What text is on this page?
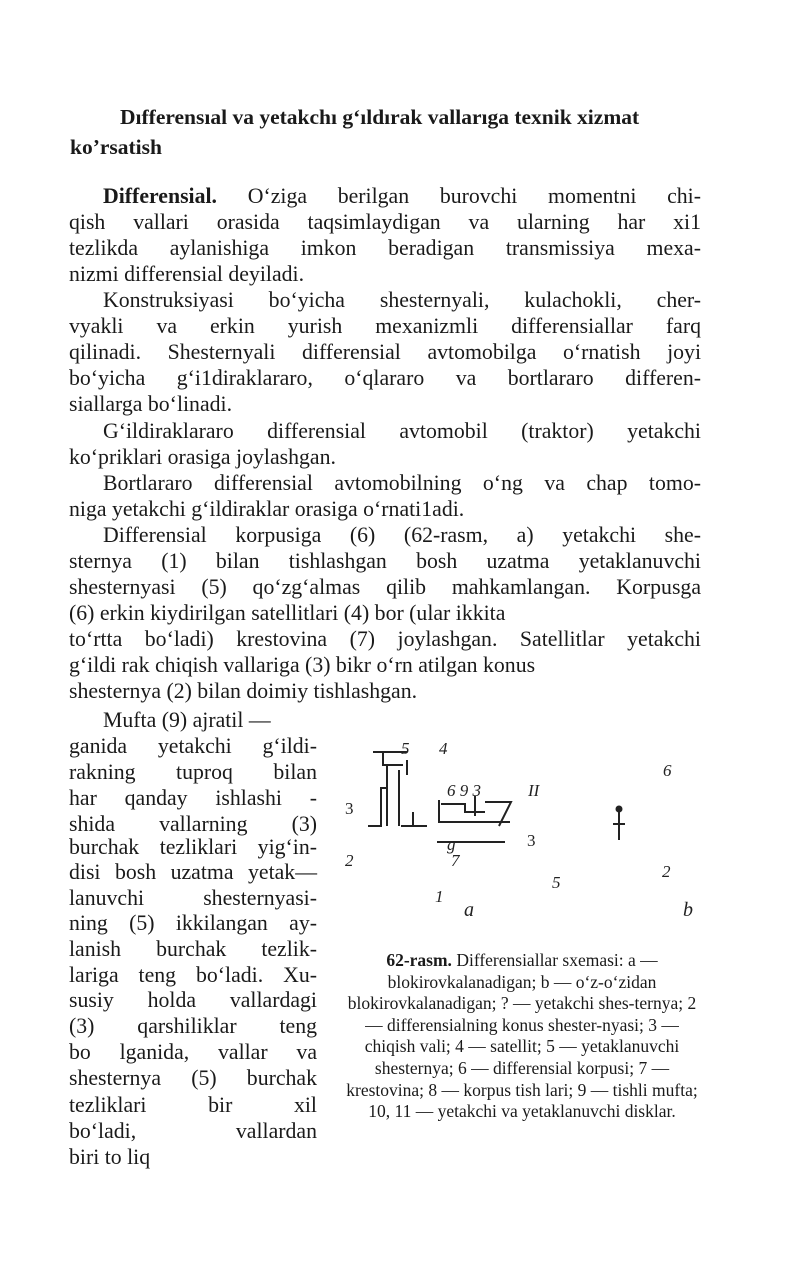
Dıfferensıal va yetakchı g‘ıldırak vallarıga texnik xizmat
ko’rsatish
Differensial. O‘ziga berilgan burovchi momentni chi-
qish vallari orasida taqsimlaydigan va ularning har xi1
tezlikda aylanishiga imkon beradigan transmissiya mexa-
nizmi differensial deyiladi.
Konstruksiyasi bo‘yicha shesternyali, kulachokli, cher-
vyakli va erkin yurish mexanizmli differensiallar farq
qilinadi. Shesternyali differensial avtomobilga o‘rnatish joyi
bo‘yicha g‘i1diraklararo, o‘qlararo va bortlararo differen-
siallarga bo‘linadi.
G‘ildiraklararo differensial avtomobil (traktor) yetakchi
ko‘priklari orasiga joylashgan.
Bortlararo differensial avtomobilning o‘ng va chap tomo-
niga yetakchi g‘ildiraklar orasiga o‘rnati1adi.
Differensial korpusiga (6) (62-rasm, a) yetakchi she-
sternya (1) bilan tishlashgan bosh uzatma yetaklanuvchi
shesternyasi (5) qo‘zg‘almas qilib mahkamlangan. Korpusga
(6) erkin kiydirilgan satellitlari (4) bor (ular ikkita
to‘rtta bo‘ladi) krestovina (7) joylashgan. Satellitlar yetakchi
g‘ildi rak chiqish vallariga (3) bikr o‘rn atilgan konus
shesternya (2) bilan doimiy tishlashgan.
Mufta (9) ajratil —
ganida yetakchi g‘ildi-
rakning tuproq bilan
har qanday ishlashi -
shida vallarning (3)
burchak tezliklari yig‘in-
disi bosh uzatma yetak—
lanuvchi shesternyasi-
ning (5) ikkilangan ay-
lanish burchak tezlik-
lariga teng bo‘ladi. Xu-
susiy holda vallardagi
(3) qarshiliklar teng
bo lganida, vallar va
shesternya (5) burchak
tezliklari bir xil
bo‘ladi, vallardan
biri to liq
5 4
6
II
6 9 3
3
3
g
7
2
2
5
1
a	b
62-rasm. Differensiallar sxemasi: a — blokirovkalanadigan; b — o‘z-o‘zidan blokirovkalanadigan; ? — yetakchi shes-ternya; 2 — differensialning konus shester-nyasi; 3 — chiqish vali; 4 — satellit; 5 — yetaklanuvchi shesternya; 6 — differensial korpusi; 7 — krestovina; 8 — korpus tish lari; 9 — tishli mufta; 10, 11 — yetakchi va yetaklanuvchi disklar.
